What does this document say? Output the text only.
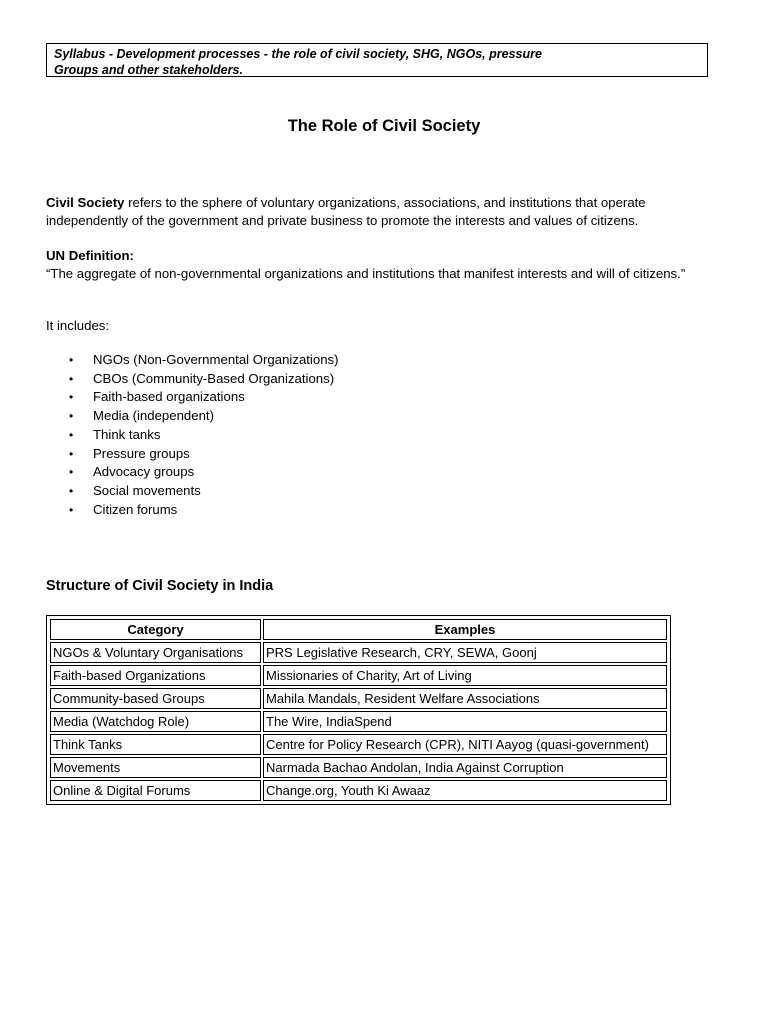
Syllabus - Development processes - the role of civil society, SHG, NGOs, pressure
Groups and other stakeholders.
The Role of Civil Society

Civil Society refers to the sphere of voluntary organizations, associations, and institutions that operate independently of the government and private business to promote the interests and values of citizens.

UN Definition:
“The aggregate of non-governmental organizations and institutions that manifest interests and will of citizens.”

It includes:

• NGOs (Non-Governmental Organizations)
• CBOs (Community-Based Organizations)
• Faith-based organizations
• Media (independent)
• Think tanks
• Pressure groups
• Advocacy groups
• Social movements
• Citizen forums
Structure of Civil Society in India
Category	Examples
NGOs & Voluntary Organisations	PRS Legislative Research, CRY, SEWA, Goonj
Faith-based Organizations	Missionaries of Charity, Art of Living
Community-based Groups	Mahila Mandals, Resident Welfare Associations
Media (Watchdog Role)	The Wire, IndiaSpend
Think Tanks	Centre for Policy Research (CPR), NITI Aayog (quasi-government)
Movements	Narmada Bachao Andolan, India Against Corruption
Online & Digital Forums	Change.org, Youth Ki Awaaz
